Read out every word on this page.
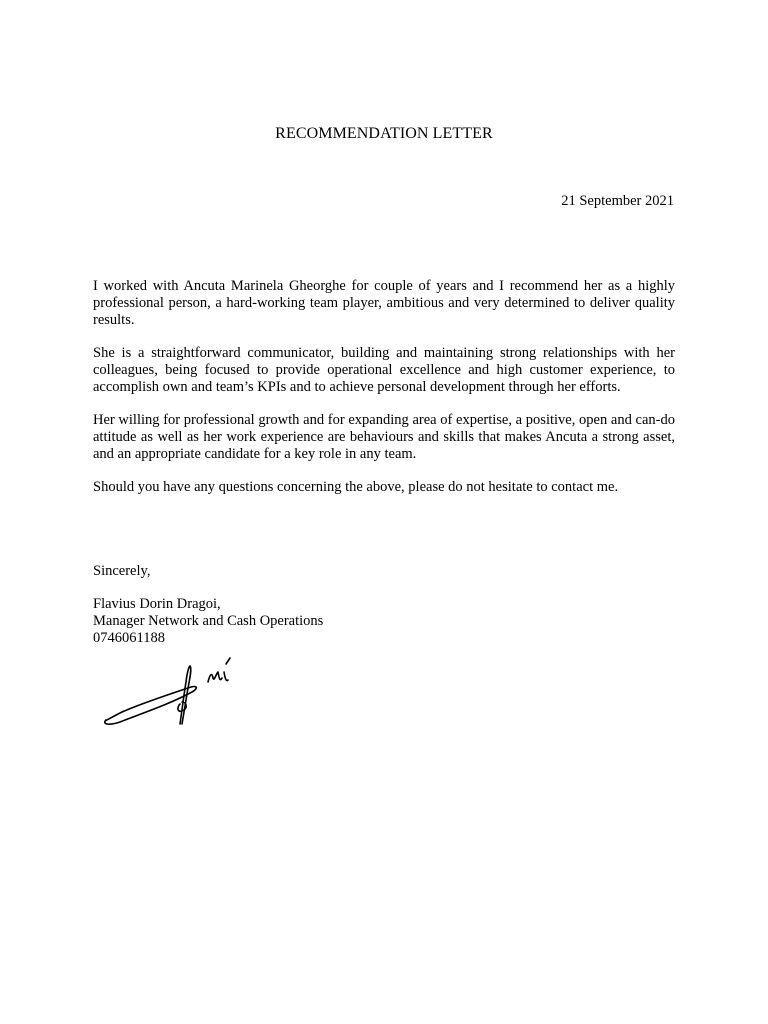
RECOMMENDATION LETTER
21 September 2021

I worked with Ancuta Marinela Gheorghe for couple of years and I recommend her as a highly professional person, a hard-working team player, ambitious and very determined to deliver quality results.

She is a straightforward communicator, building and maintaining strong relationships with her colleagues, being focused to provide operational excellence and high customer experience, to accomplish own and team’s KPIs and to achieve personal development through her efforts.

Her willing for professional growth and for expanding area of expertise, a positive, open and can-do attitude as well as her work experience are behaviours and skills that makes Ancuta a strong asset, and an appropriate candidate for a key role in any team.

Should you have any questions concerning the above, please do not hesitate to contact me.

Sincerely,
Flavius Dorin Dragoi,
Manager Network and Cash Operations
0746061188
